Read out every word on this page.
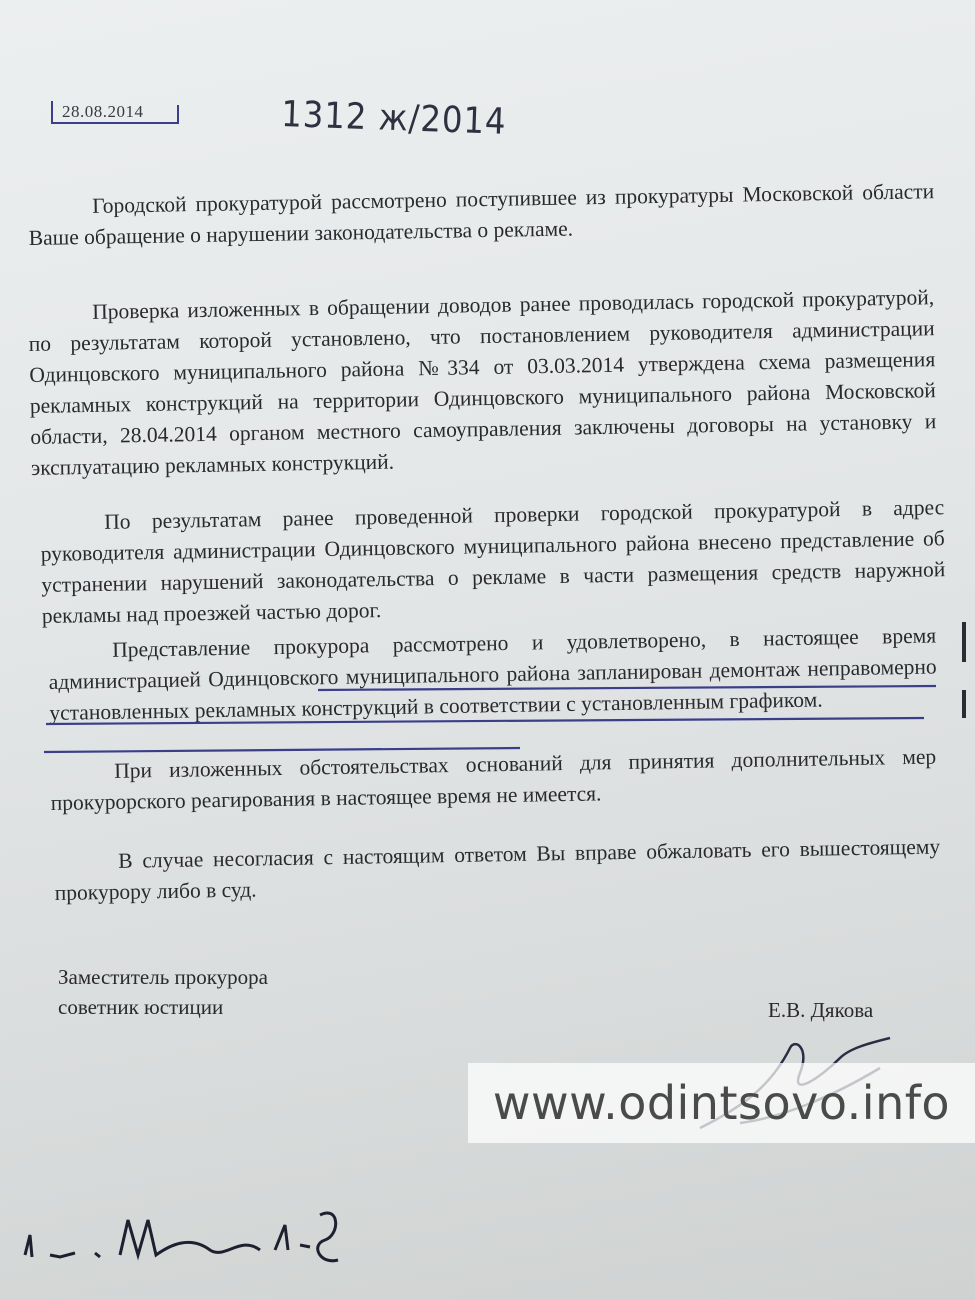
28.08.2014	1312 ж/2014

Городской прокуратурой рассмотрено поступившее из прокуратуры Московской области Ваше обращение о нарушении законодательства о рекламе.

Проверка изложенных в обращении доводов ранее проводилась городской прокуратурой, по результатам которой установлено, что постановлением руководителя администрации Одинцовского муниципального района №334 от 03.03.2014 утверждена схема размещения рекламных конструкций на территории Одинцовского муниципального района Московской области, 28.04.2014 органом местного самоуправления заключены договоры на установку и эксплуатацию рекламных конструкций.

По результатам ранее проведенной проверки городской прокуратурой в адрес руководителя администрации Одинцовского муниципального района внесено представление об устранении нарушений законодательства о рекламе в части размещения средств наружной рекламы над проезжей частью дорог.

Представление прокурора рассмотрено и удовлетворено, в настоящее время администрацией Одинцовского муниципального района запланирован демонтаж неправомерно установленных рекламных конструкций в соответствии с установленным графиком.

При изложенных обстоятельствах оснований для принятия дополнительных мер прокурорского реагирования в настоящее время не имеется.

В случае несогласия с настоящим ответом Вы вправе обжаловать его вышестоящему прокурору либо в суд.

Заместитель прокурора
советник юстиции	Е.В. Дякова
www.odintsovo.info
